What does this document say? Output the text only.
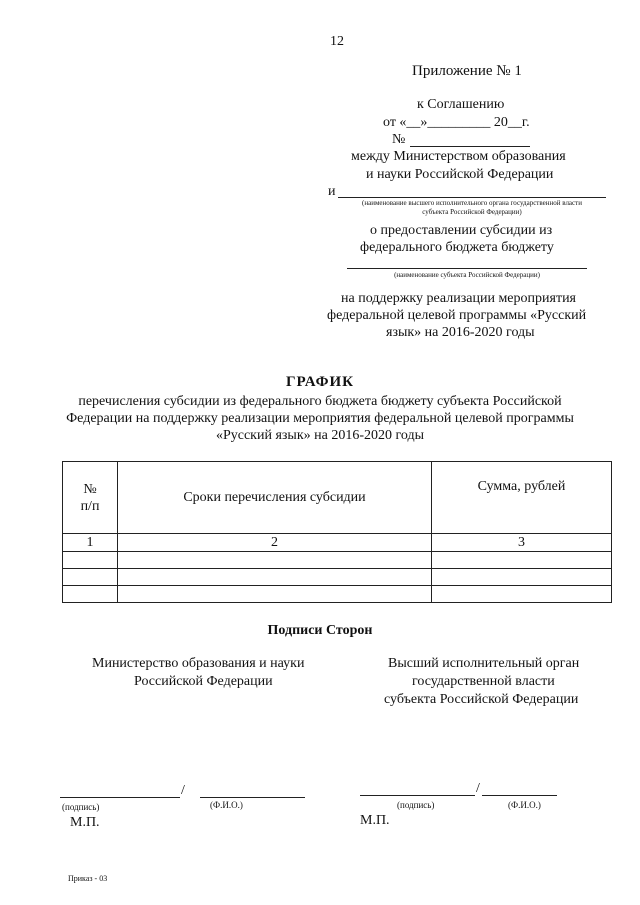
12
Приложение № 1
к Соглашению
от «__»_________ 20__г.
№
между Министерством образования
и науки Российской Федерации
и
(наименование высшего исполнительного органа государственной власти
субъекта Российской Федерации)
о предоставлении субсидии из
федерального бюджета бюджету
(наименование субъекта Российской Федерации)
на поддержку реализации мероприятия
федеральной целевой программы «Русский
язык» на 2016-2020 годы
ГРАФИК
перечисления субсидии из федерального бюджета бюджету субъекта Российской
Федерации на поддержку реализации мероприятия федеральной целевой программы
«Русский язык» на 2016-2020 годы
№
п/п	Сроки перечисления субсидии	Сумма, рублей
1	2	3

Подписи Сторон
Министерство образования и науки
Российской Федерации
Высший исполнительный орган
государственной власти
субъекта Российской Федерации
/
(подпись)	(Ф.И.О.)
М.П.
/
(подпись)	(Ф.И.О.)
М.П.
Приказ - 03
